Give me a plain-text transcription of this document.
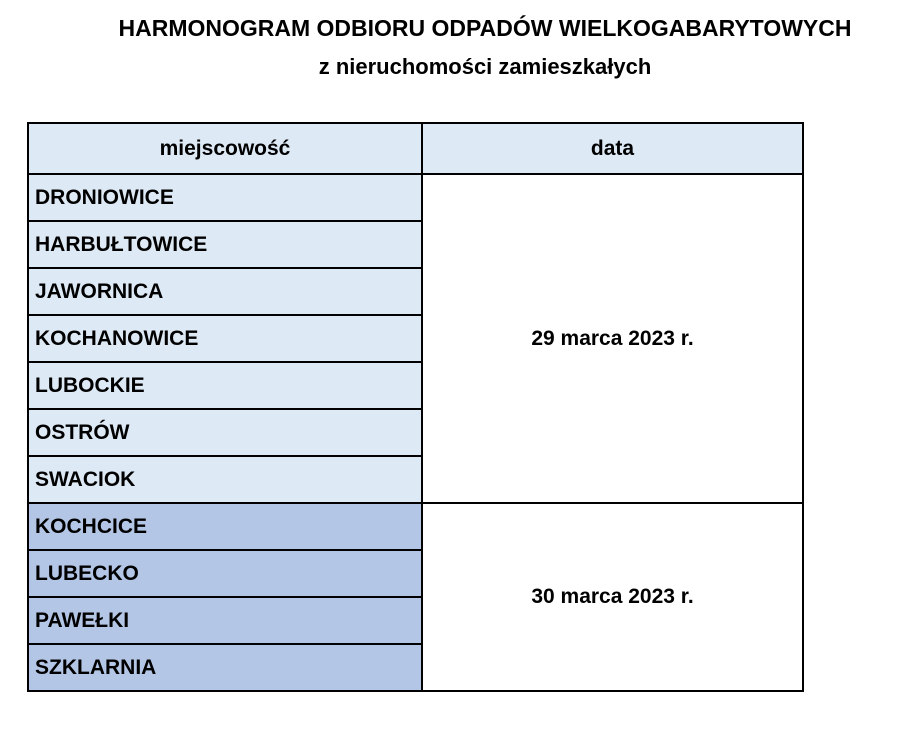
HARMONOGRAM ODBIORU ODPADÓW WIELKOGABARYTOWYCH
z nieruchomości zamieszkałych
miejscowość	data
DRONIOWICE	29 marca 2023 r.
HARBUŁTOWICE	
JAWORNICA	
KOCHANOWICE	
LUBOCKIE	
OSTRÓW	
SWACIOK	
KOCHCICE	30 marca 2023 r.
LUBECKO	
PAWEŁKI	
SZKLARNIA	
